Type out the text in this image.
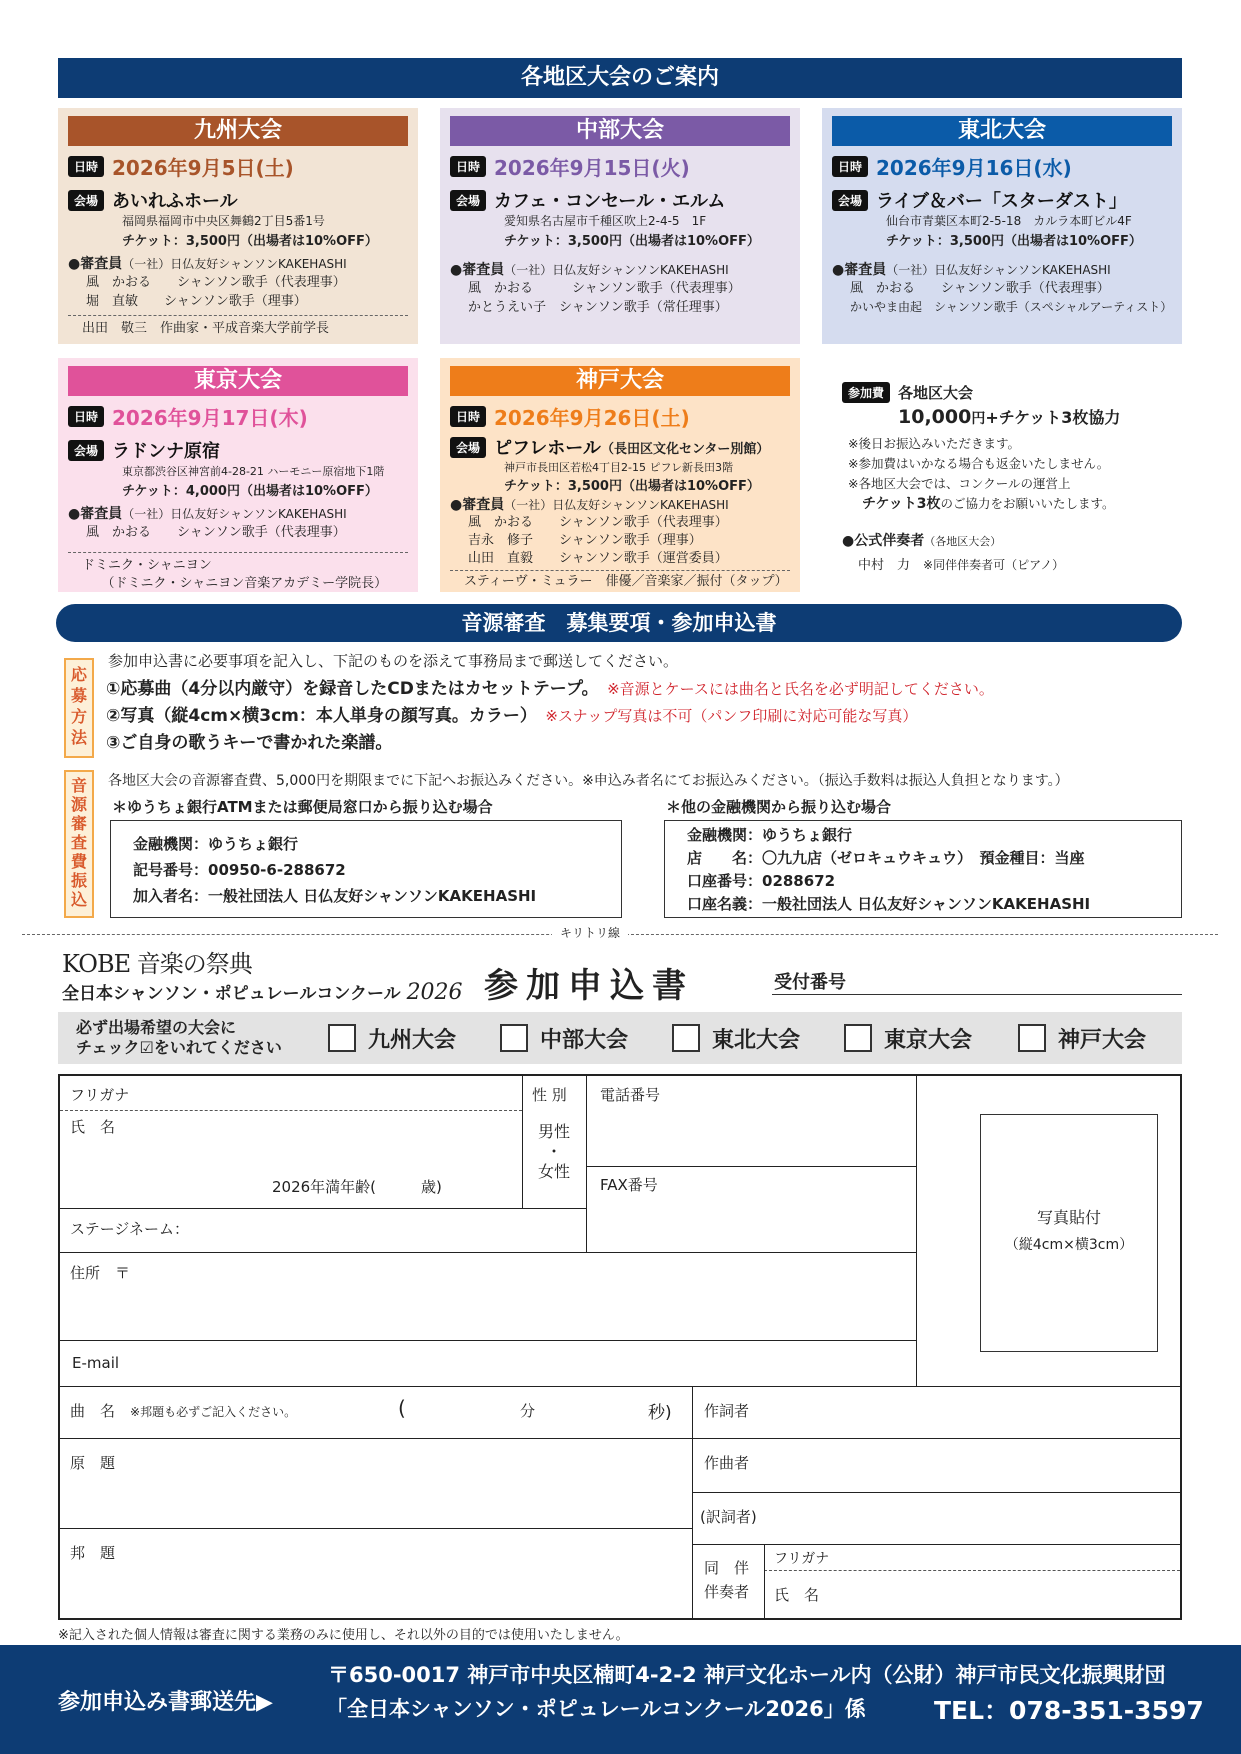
各地区大会のご案内
九州大会
日時 2026年9月5日(土)
会場 あいれふホール
福岡県福岡市中央区舞鶴2丁目5番1号
チケット：3,500円（出場者は10%OFF）
●審査員（一社）日仏友好シャンソンKAKEHASHI
風　かおる　　シャンソン歌手（代表理事）
堀　直敏　　シャンソン歌手（理事）
出田　敬三　作曲家・平成音楽大学前学長
中部大会
日時 2026年9月15日(火)
会場 カフェ・コンセール・エルム
愛知県名古屋市千種区吹上2-4-5　1F
チケット：3,500円（出場者は10%OFF）
●審査員（一社）日仏友好シャンソンKAKEHASHI
風　かおる　　　シャンソン歌手（代表理事）
かとうえい子　シャンソン歌手（常任理事）
東北大会
日時 2026年9月16日(水)
会場 ライブ＆バー「スターダスト」
仙台市青葉区本町2-5-18　カルラ本町ビル4F
チケット：3,500円（出場者は10%OFF）
●審査員（一社）日仏友好シャンソンKAKEHASHI
風　かおる　　シャンソン歌手（代表理事）
かいやま由起　シャンソン歌手（スペシャルアーティスト）
東京大会
日時 2026年9月17日(木)
会場 ラドンナ原宿
東京都渋谷区神宮前4-28-21 ハーモニー原宿地下1階
チケット：4,000円（出場者は10%OFF）
●審査員（一社）日仏友好シャンソンKAKEHASHI
風　かおる　　シャンソン歌手（代表理事）
ドミニク・シャニヨン
　　（ドミニク・シャニヨン音楽アカデミー学院長）
神戸大会
日時 2026年9月26日(土)
会場 ピフレホール （長田区文化センター別館）
神戸市長田区若松4丁目2-15 ピフレ新長田3階
チケット：3,500円（出場者は10%OFF）
●審査員（一社）日仏友好シャンソンKAKEHASHI
風　かおる　　シャンソン歌手（代表理事）
吉永　修子　　シャンソン歌手（理事）
山田　直毅　　シャンソン歌手（運営委員）
スティーヴ・ミュラー　俳優／音楽家／振付（タップ）
参加費 各地区大会
10,000円+チケット3枚協力
※後日お振込みいただきます。
※参加費はいかなる場合も返金いたしません。
※各地区大会では、コンクールの運営上
チケット3枚のご協力をお願いいたします。
●公式伴奏者（各地区大会）
中村　力　 ※同伴伴奏者可（ピアノ）
音源審査　募集要項・参加申込書
応募方法
参加申込書に必要事項を記入し、下記のものを添えて事務局まで郵送してください。
①応募曲（4分以内厳守）を録音したCDまたはカセットテープ。　 ※音源とケースには曲名と氏名を必ず明記してください。
②写真（縦4cm×横3cm：本人単身の顔写真。カラー）　 ※スナップ写真は不可（パンフ印刷に対応可能な写真）
③ご自身の歌うキーで書かれた楽譜。
音源審査費振込
各地区大会の音源審査費、5,000円を期限までに下記へお振込みください。※申込み者名にてお振込みください。（振込手数料は振込人負担となります。）
＊ゆうちょ銀行ATMまたは郵便局窓口から振り込む場合	＊他の金融機関から振り込む場合
金融機関：ゆうちょ銀行
記号番号：00950-6-288672
加入者名：一般社団法人 日仏友好シャンソンKAKEHASHI
金融機関：ゆうちょ銀行
店　　名：〇九九店（ゼロキュウキュウ）　預金種目：当座
口座番号：0288672
口座名義：一般社団法人 日仏友好シャンソンKAKEHASHI
キリトリ線
KOBE 音楽の祭典
全日本シャンソン・ポピュレールコンクール 2026 参加申込書	受付番号
必ず出場希望の大会に
チェック☑をいれてください	九州大会	中部大会	東北大会	東京大会	神戸大会
写真貼付
（縦4cm×横3cm）
フリガナ
氏　名
2026年満年齢(　　　歳)
性 別
男性
・
女性
電話番号
FAX番号
ステージネーム：
住所　〒
E-mail
曲　名　 ※邦題も必ずご記入ください。	(	分	秒)
原　題
邦　題
作詞者
作曲者
(訳詞者)
同　伴
伴奏者
フリガナ
氏　名
※記入された個人情報は審査に関する業務のみに使用し、それ以外の目的では使用いたしません。
参加申込み書郵送先▶
〒650-0017 神戸市中央区楠町4-2-2 神戸文化ホール内（公財）神戸市民文化振興財団
「全日本シャンソン・ポピュレールコンクール2026」係	TEL：078-351-3597
